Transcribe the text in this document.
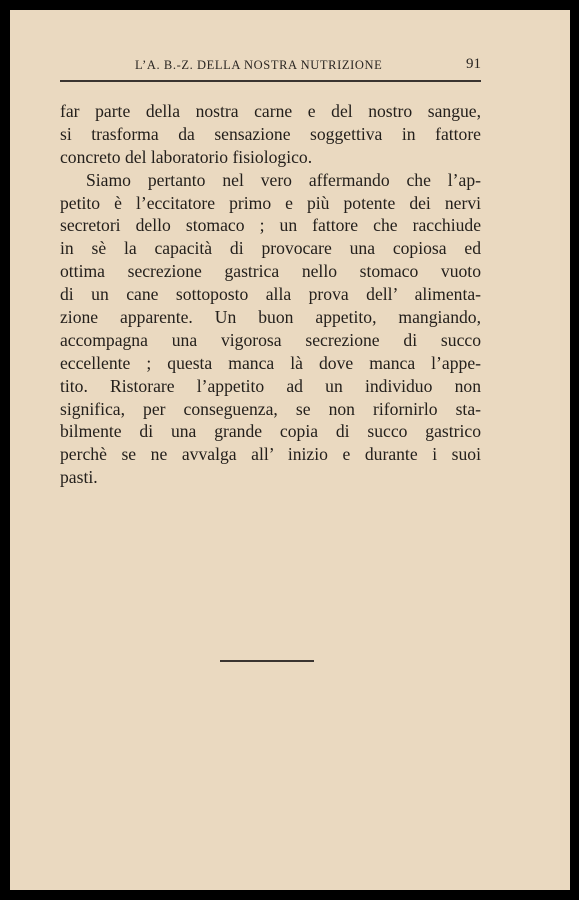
L’A. B.-Z. DELLA NOSTRA NUTRIZIONE	91
far parte della nostra carne e del nostro sangue,
si trasforma da sensazione soggettiva in fattore
concreto del laboratorio fisiologico.
Siamo pertanto nel vero affermando che l’ap-
petito è l’eccitatore primo e più potente dei nervi
secretori dello stomaco ; un fattore che racchiude
in sè la capacità di provocare una copiosa ed
ottima secrezione gastrica nello stomaco vuoto
di un cane sottoposto alla prova dell’ alimenta-
zione apparente. Un buon appetito, mangiando,
accompagna una vigorosa secrezione di succo
eccellente ; questa manca là dove manca l’appe-
tito. Ristorare l’appetito ad un individuo non
significa, per conseguenza, se non rifornirlo sta-
bilmente di una grande copia di succo gastrico
perchè se ne avvalga all’ inizio e durante i suoi
pasti.
